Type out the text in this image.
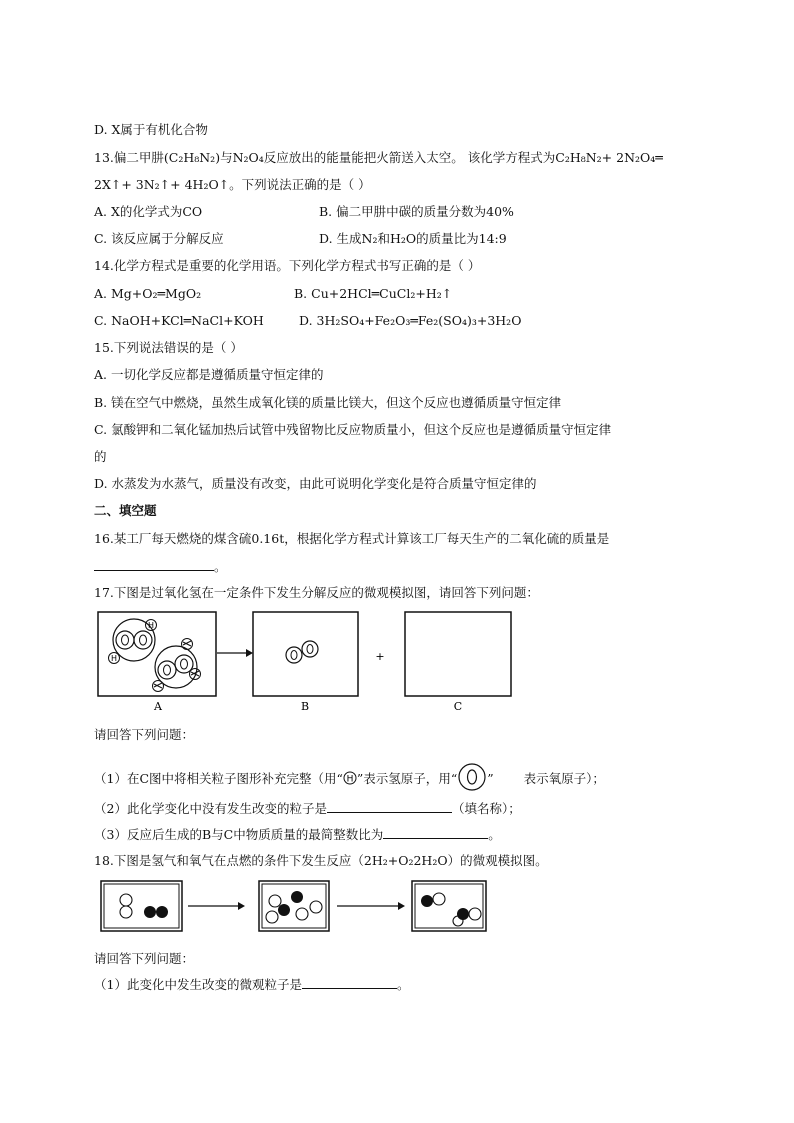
D. X属于有机化合物
13.偏二甲肼(C₂H₈N₂)与N₂O₄反应放出的能量能把火箭送入太空。 该化学方程式为C₂H₈N₂+ 2N₂O₄═
2X↑+ 3N₂↑+ 4H₂O↑。下列说法正确的是（ ）
A. X的化学式为CO	B. 偏二甲肼中碳的质量分数为40%
C. 该反应属于分解反应	D. 生成N₂和H₂O的质量比为14:9
14.化学方程式是重要的化学用语。下列化学方程式书写正确的是（ ）
A. Mg+O₂═MgO₂	B. Cu+2HCl═CuCl₂+H₂↑
C. NaOH+KCl═NaCl+KOH	D. 3H₂SO₄+Fe₂O₃═Fe₂(SO₄)₃+3H₂O
15.下列说法错误的是（ ）
A. 一切化学反应都是遵循质量守恒定律的
B. 镁在空气中燃烧，虽然生成氧化镁的质量比镁大，但这个反应也遵循质量守恒定律
C. 氯酸钾和二氧化锰加热后试管中残留物比反应物质量小，但这个反应也是遵循质量守恒定律
的
D. 水蒸发为水蒸气，质量没有改变，由此可说明化学变化是符合质量守恒定律的
二、填空题
16.某工厂每天燃烧的煤含硫0.16t，根据化学方程式计算该工厂每天生产的二氧化硫的质量是
。
17.下图是过氧化氢在一定条件下发生分解反应的微观模拟图，请回答下列问题：
H
H	+
A	B	C
请回答下列问题：
（1）在C图中将相关粒子图形补充完整（用“ H ”表示氢原子，用“ ” 表示氧原子）；
（2）此化学变化中没有发生改变的粒子是	（填名称）；
（3）反应后生成的B与C中物质质量的最简整数比为	。
18.下图是氢气和氧气在点燃的条件下发生反应（2H₂+O₂2H₂O）的微观模拟图。
请回答下列问题：
（1）此变化中发生改变的微观粒子是	。
